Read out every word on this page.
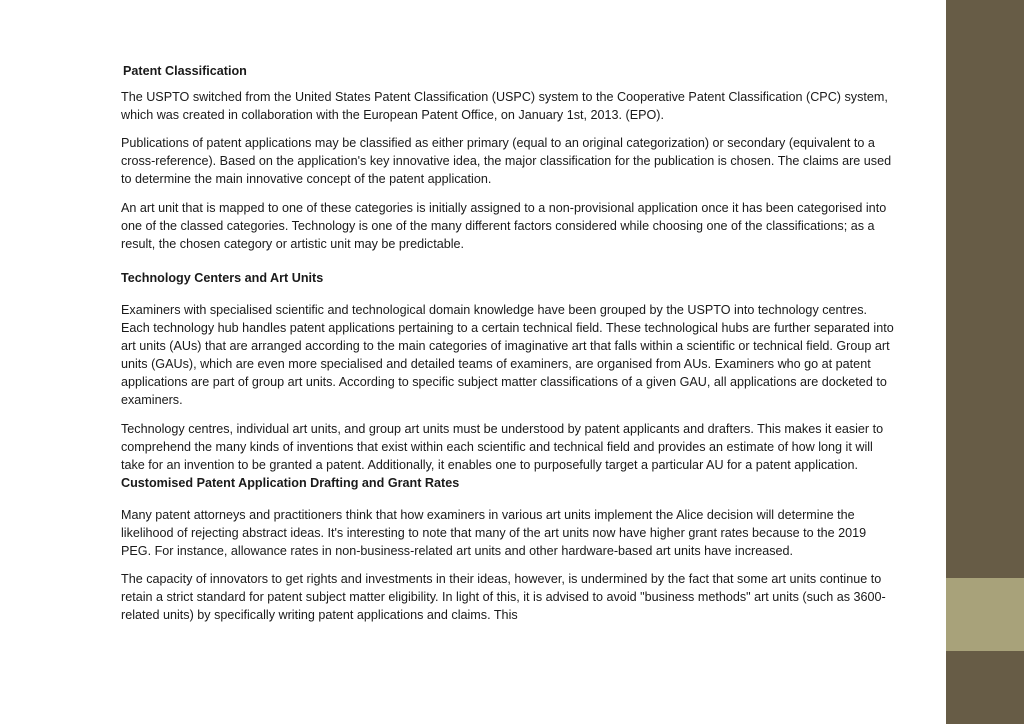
Patent Classification

The USPTO switched from the United States Patent Classification (USPC) system to the Cooperative Patent Classification (CPC) system, which was created in collaboration with the European Patent Office, on January 1st, 2013. (EPO).

Publications of patent applications may be classified as either primary (equal to an original categorization) or secondary (equivalent to a cross-reference). Based on the application's key innovative idea, the major classification for the publication is chosen. The claims are used to determine the main innovative concept of the patent application.

An art unit that is mapped to one of these categories is initially assigned to a non-provisional application once it has been categorised into one of the classed categories. Technology is one of the many different factors considered while choosing one of the classifications; as a result, the chosen category or artistic unit may be predictable.

Technology Centers and Art Units

Examiners with specialised scientific and technological domain knowledge have been grouped by the USPTO into technology centres. Each technology hub handles patent applications pertaining to a certain technical field. These technological hubs are further separated into art units (AUs) that are arranged according to the main categories of imaginative art that falls within a scientific or technical field. Group art units (GAUs), which are even more specialised and detailed teams of examiners, are organised from AUs. Examiners who go at patent applications are part of group art units. According to specific subject matter classifications of a given GAU, all applications are docketed to examiners.

Technology centres, individual art units, and group art units must be understood by patent applicants and drafters. This makes it easier to comprehend the many kinds of inventions that exist within each scientific and technical field and provides an estimate of how long it will take for an invention to be granted a patent. Additionally, it enables one to purposefully target a particular AU for a patent application.

Customised Patent Application Drafting and Grant Rates

Many patent attorneys and practitioners think that how examiners in various art units implement the Alice decision will determine the likelihood of rejecting abstract ideas. It's interesting to note that many of the art units now have higher grant rates because to the 2019 PEG. For instance, allowance rates in non-business-related art units and other hardware-based art units have increased.

The capacity of innovators to get rights and investments in their ideas, however, is undermined by the fact that some art units continue to retain a strict standard for patent subject matter eligibility. In light of this, it is advised to avoid "business methods" art units (such as 3600-related units) by specifically writing patent applications and claims. This
